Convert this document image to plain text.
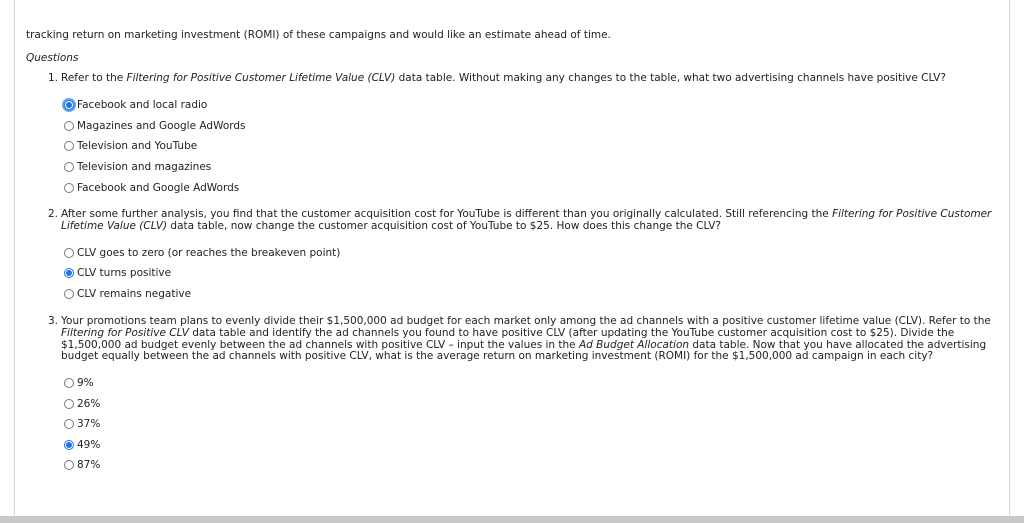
tracking return on marketing investment (ROMI) of these campaigns and would like an estimate ahead of time.
Questions
1. Refer to the Filtering for Positive Customer Lifetime Value (CLV) data table. Without making any changes to the table, what two advertising channels have positive CLV?
Facebook and local radio
Magazines and Google AdWords
Television and YouTube
Television and magazines
Facebook and Google AdWords
2. After some further analysis, you find that the customer acquisition cost for YouTube is different than you originally calculated. Still referencing the Filtering for Positive Customer Lifetime Value (CLV) data table, now change the customer acquisition cost of YouTube to $25. How does this change the CLV?
CLV goes to zero (or reaches the breakeven point)
CLV turns positive
CLV remains negative
3. Your promotions team plans to evenly divide their $1,500,000 ad budget for each market only among the ad channels with a positive customer lifetime value (CLV). Refer to the Filtering for Positive CLV data table and identify the ad channels you found to have positive CLV (after updating the YouTube customer acquisition cost to $25). Divide the $1,500,000 ad budget evenly between the ad channels with positive CLV – input the values in the Ad Budget Allocation data table. Now that you have allocated the advertising budget equally between the ad channels with positive CLV, what is the average return on marketing investment (ROMI) for the $1,500,000 ad campaign in each city?
9%
26%
37%
49%
87%
